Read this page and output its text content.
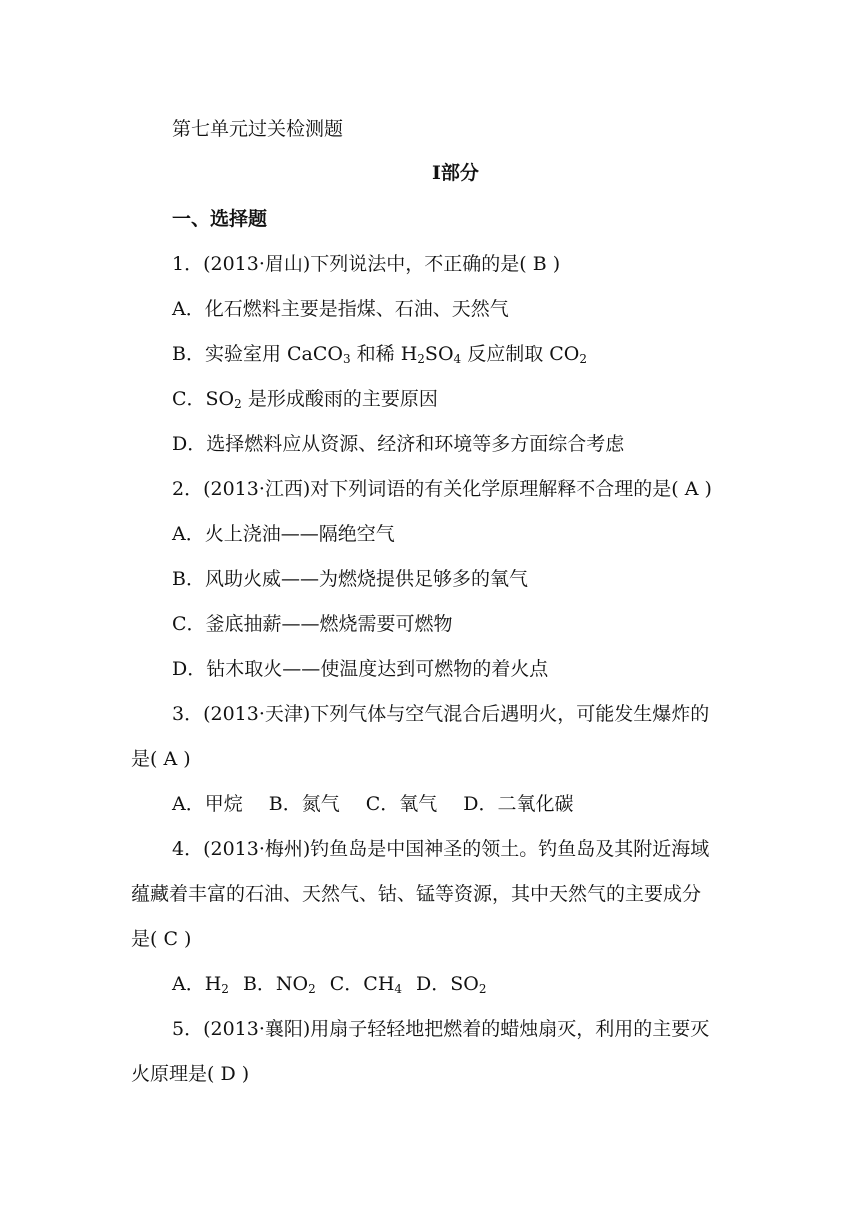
第七单元过关检测题
Ⅰ部分
一、选择题
1．(2013·眉山)下列说法中，不正确的是( B )
A．化石燃料主要是指煤、石油、天然气
B．实验室用 CaCO$_3$ 和稀 $H_2SO_4$ 反应制取 $CO_2$
C．$SO_2$ 是形成酸雨的主要原因
D．选择燃料应从资源、经济和环境等多方面综合考虑
2．(2013·江西)对下列词语的有关化学原理解释不合理的是( A )
A．火上浇油——隔绝空气
B．风助火威——为燃烧提供足够多的氧气
C．釜底抽薪——燃烧需要可燃物
D．钻木取火——使温度达到可燃物的着火点
3．(2013·天津)下列气体与空气混合后遇明火，可能发生爆炸的
是( A )
A．甲烷 B．氮气 C．氧气 D．二氧化碳
4．(2013·梅州)钓鱼岛是中国神圣的领土。钓鱼岛及其附近海域
蕴藏着丰富的石油、天然气、钴、锰等资源，其中天然气的主要成分
是( C )
A．$H_2$ B．$NO_2$ C．$CH_4$ D．$SO_2$
5．(2013·襄阳)用扇子轻轻地把燃着的蜡烛扇灭，利用的主要灭
火原理是( D )
